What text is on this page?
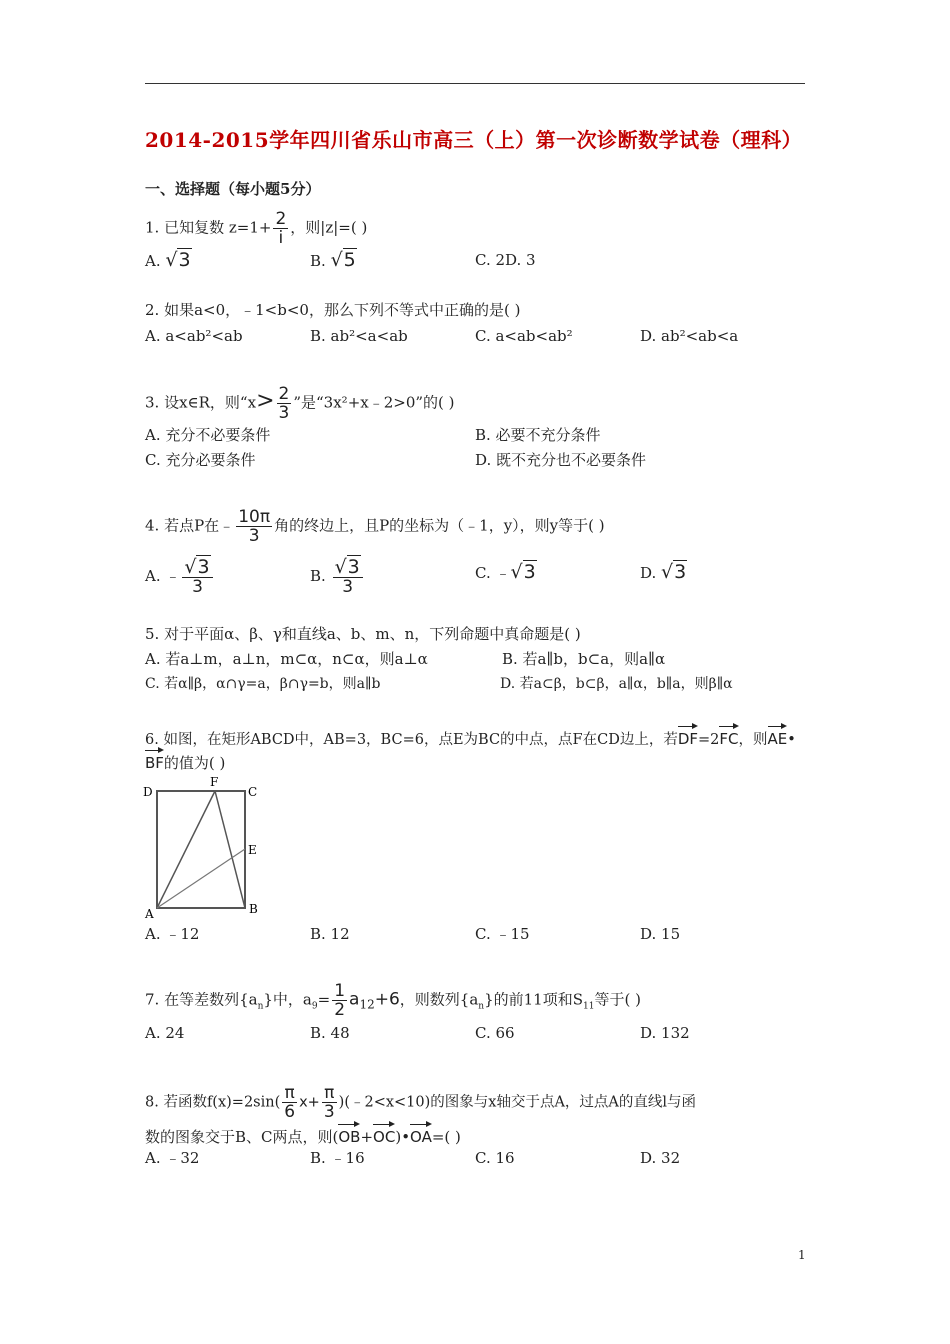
2014-2015学年四川省乐山市高三（上）第一次诊断数学试卷（理科）
一、选择题（每小题5分）
1. 已知复数 $z=1+ \frac{2}{i}$ ，则|z|=( )
A. √3	B. √5	C. 2D. 3
2. 如果a<0，﹣1<b<0，那么下列不等式中正确的是( )
A. a<ab²<ab	B. ab²<a<ab	C. a<ab<ab²	D. ab²<ab<a
3. 设x∈R，则“$x> \frac{2}{3}$ ”是“3x²+x﹣2>0”的( )
A. 充分不必要条件	B. 必要不充分条件
C. 充分必要条件	D. 既不充分也不必要条件
4. 若点P在﹣ $\frac{10\pi}{3}$ 角的终边上，且P的坐标为（﹣1，y），则y等于( )
A. ﹣ $\frac{√3}{3}$	B. $\frac{√3}{3}$	C. ﹣√3	D. √3
5. 对于平面α、β、γ和直线a、b、m、n，下列命题中真命题是( )
A. 若a⊥m，a⊥n，m⊂α，n⊂α，则a⊥α	B. 若a∥b，b⊂a，则a∥α
C. 若α∥β，α∩γ=a，β∩γ=b，则a∥b	D. 若a⊂β，b⊂β，a∥α，b∥a，则β∥α
6. 如图，在矩形ABCD中，AB=3，BC=6，点E为BC的中点，点F在CD边上，若DF=2FC，则AE•
BF的值为( )
D
F
C
E
A	B
A. ﹣12	B. 12	C. ﹣15	D. 15
7. 在等差数列$\{a_n\}$中，$a_9= \frac{1}{2} a_{12}+6$，则数列$\{a_n\}$的前11项和$S_{11}$等于( )
A. 24	B. 48	C. 66	D. 132
8. 若函数$f(x)=2\sin( \frac{\pi}{6} x+ \frac{\pi}{3}$ )(﹣2<x<10)的图象与x轴交于点A，过点A的直线l与函
数的图象交于B、C两点，则(OB+OC)•OA=( )
A. ﹣32	B. ﹣16	C. 16	D. 32
1
